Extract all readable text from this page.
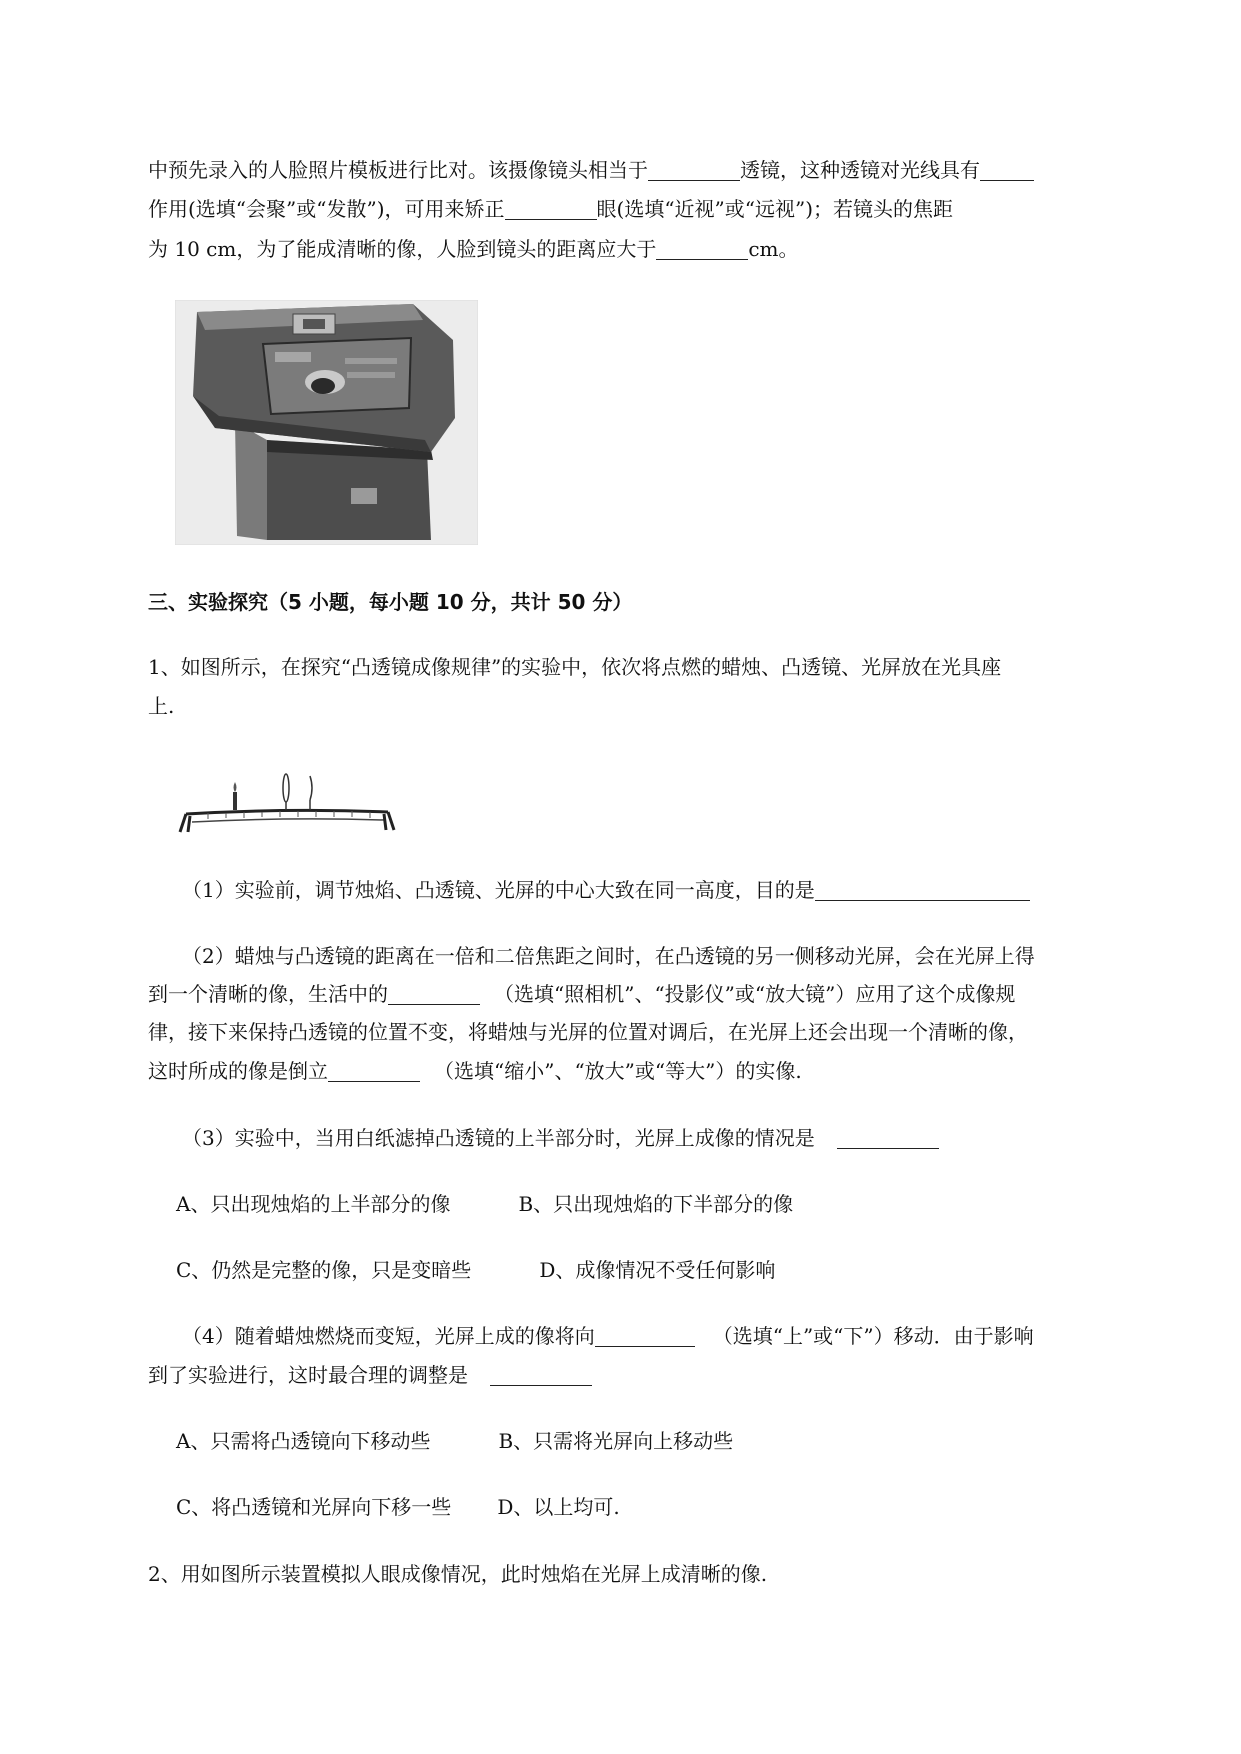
中预先录入的人脸照片模板进行比对。该摄像镜头相当于	透镜，这种透镜对光线具有
作用(选填“会聚”或“发散”)，可用来矫正	眼(选填“近视”或“远视”)；若镜头的焦距
为 10 cm，为了能成清晰的像，人脸到镜头的距离应大于	cm。
三、实验探究（5 小题，每小题 10 分，共计 50 分）
1、如图所示，在探究“凸透镜成像规律”的实验中，依次将点燃的蜡烛、凸透镜、光屏放在光具座
上.
（1）实验前，调节烛焰、凸透镜、光屏的中心大致在同一高度，目的是
（2）蜡烛与凸透镜的距离在一倍和二倍焦距之间时，在凸透镜的另一侧移动光屏，会在光屏上得
到一个清晰的像，生活中的	（选填“照相机”、“投影仪”或“放大镜”）应用了这个成像规
律，接下来保持凸透镜的位置不变，将蜡烛与光屏的位置对调后，在光屏上还会出现一个清晰的像，
这时所成的像是倒立	（选填“缩小”、“放大”或“等大”）的实像.
（3）实验中，当用白纸滤掉凸透镜的上半部分时，光屏上成像的情况是
A、只出现烛焰的上半部分的像	B、只出现烛焰的下半部分的像
C、仍然是完整的像，只是变暗些	D、成像情况不受任何影响
（4）随着蜡烛燃烧而变短，光屏上成的像将向	（选填“上”或“下”）移动．由于影响
到了实验进行，这时最合理的调整是
A、只需将凸透镜向下移动些	B、只需将光屏向上移动些
C、将凸透镜和光屏向下移一些 D、以上均可.
2、用如图所示装置模拟人眼成像情况，此时烛焰在光屏上成清晰的像.
